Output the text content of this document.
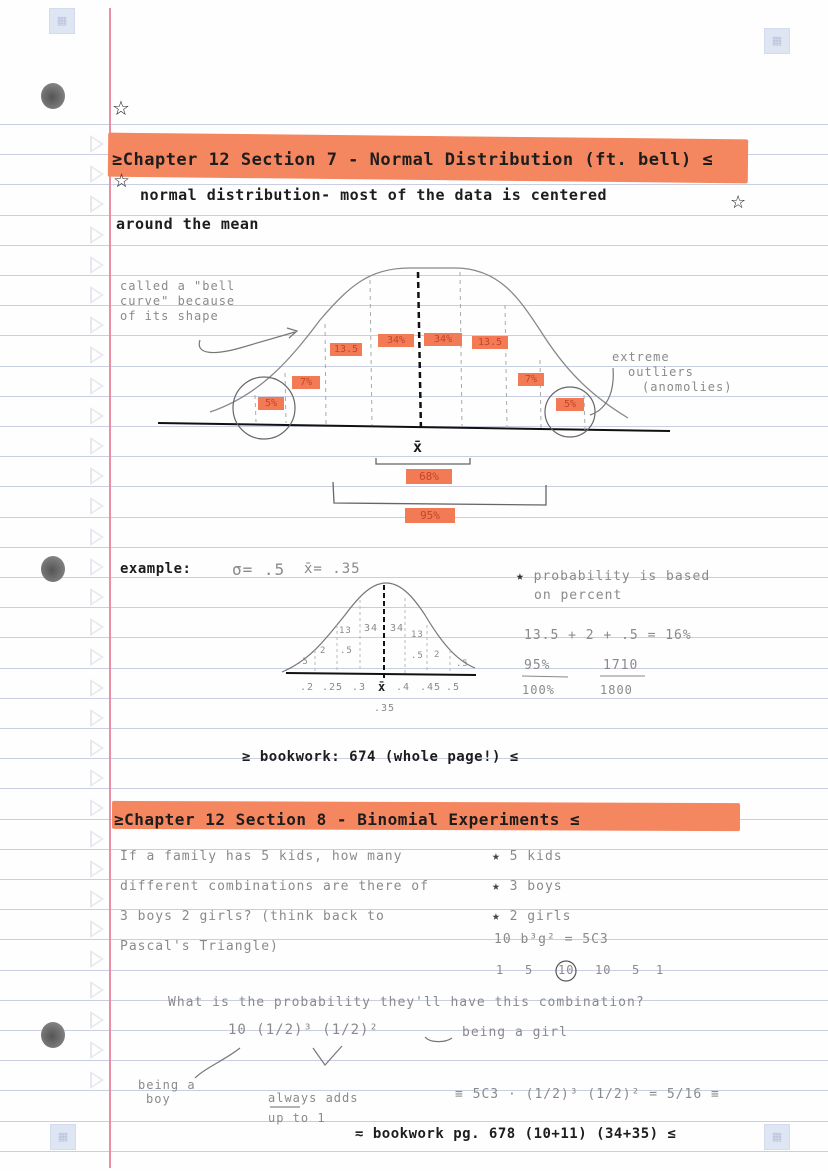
▦
▦
▦	▦
☆
☆
≥Chapter 12 Section 7 - Normal Distribution (ft. bell) ≤
☆
normal distribution- most of the data is centered
around the mean
called a "bell
curve" because
of its shape
extreme
outliers
(anomolies)
5%
7%
13.5
34%	34%	13.5
7%
5%
x̄
68%
95%
example:	σ= .5 x̄= .35
13 34 34
13
.5
2 .5	.5 2
.5
.2 .25 .3 x̄ .4 .45 .5
.35
★ probability is based
on percent
13.5 + 2 + .5 = 16%
95%
100%
1710
1800
≥ bookwork: 674 (whole page!) ≤
≥Chapter 12 Section 8 - Binomial Experiments ≤
If a family has 5 kids, how many
different combinations are there of
3 boys 2 girls? (think back to
Pascal's Triangle)
★ 5 kids
★ 3 boys
★ 2 girls
10 b³g² = 5C3
1 5 10 10 5 1
What is the probability they'll have this combination?
10 (1/2)³ (1/2)²	being a girl
being a
boy	always adds
up to 1
≡ 5C3 · (1/2)³ (1/2)² = 5/16 ≡
≂ bookwork pg. 678 (10+11) (34+35) ≤
